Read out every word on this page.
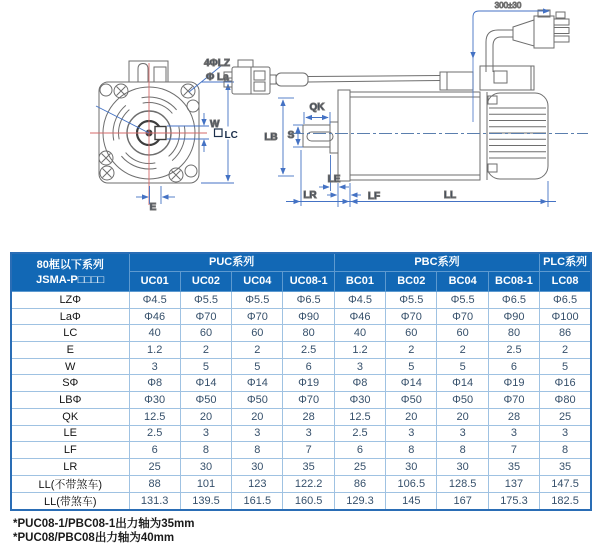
LC
W
E
4ΦLZ
Φ La
300±30
LB S
QK
LE
LR	LF	LL
80框以下系列
JSMA-P□□□□	PUC系列				PBC系列				PLC系列
	UC01	UC02	UC04	UC08-1	BC01	BC02	BC04	BC08-1	LC08
LZΦ	Φ4.5	Φ5.5	Φ5.5	Φ6.5	Φ4.5	Φ5.5	Φ5.5	Φ6.5	Φ6.5
LaΦ	Φ46	Φ70	Φ70	Φ90	Φ46	Φ70	Φ70	Φ90	Φ100
LC	40	60	60	80	40	60	60	80	86
E	1.2	2	2	2.5	1.2	2	2	2.5	2
W	3	5	5	6	3	5	5	6	5
SΦ	Φ8	Φ14	Φ14	Φ19	Φ8	Φ14	Φ14	Φ19	Φ16
LBΦ	Φ30	Φ50	Φ50	Φ70	Φ30	Φ50	Φ50	Φ70	Φ80
QK	12.5	20	20	28	12.5	20	20	28	25
LE	2.5	3	3	3	2.5	3	3	3	3
LF	6	8	8	7	6	8	8	7	8
LR	25	30	30	35	25	30	30	35	35
LL(不带煞车)	88	101	123	122.2	86	106.5	128.5	137	147.5
LL(带煞车)	131.3	139.5	161.5	160.5	129.3	145	167	175.3	182.5
*PUC08-1/PBC08-1出力轴为35mm
*PUC08/PBC08出力轴为40mm
